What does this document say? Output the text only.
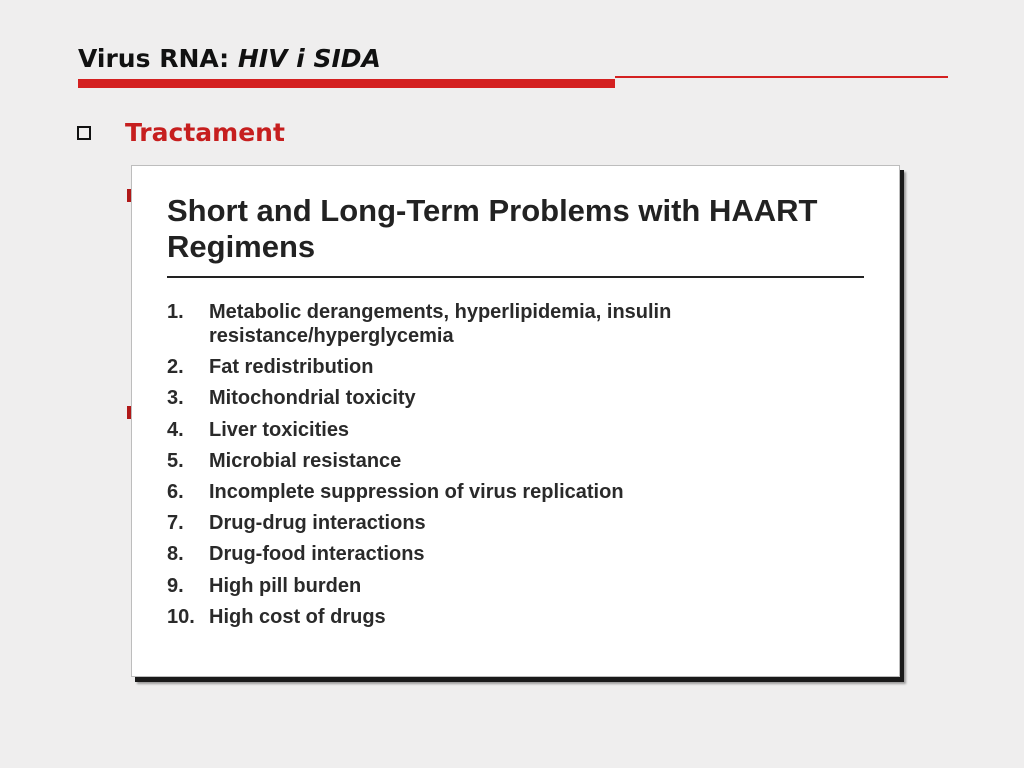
Virus RNA: HIV i SIDA
Tractament
Short and Long-Term Problems with HAART Regimens
1.	Metabolic derangements, hyperlipidemia, insulin resistance/hyperglycemia
2.	Fat redistribution
3.	Mitochondrial toxicity
4.	Liver toxicities
5.	Microbial resistance
6.	Incomplete suppression of virus replication
7.	Drug-drug interactions
8.	Drug-food interactions
9.	High pill burden
10. High cost of drugs
